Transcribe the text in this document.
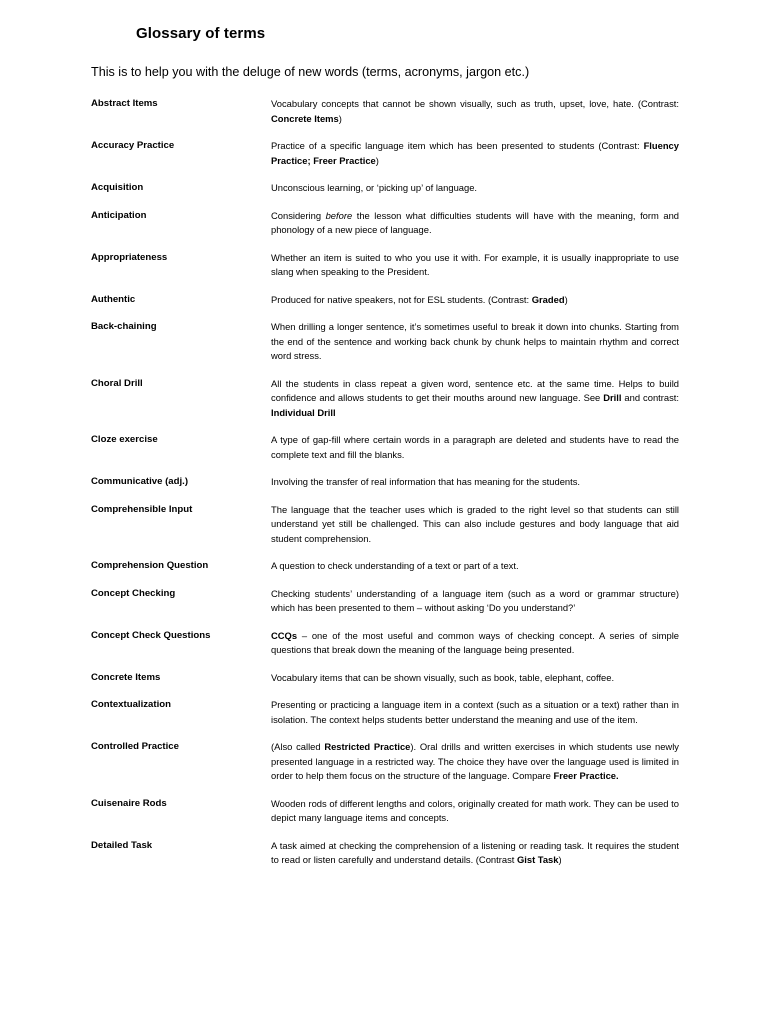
Glossary of terms
This is to help you with the deluge of new words (terms, acronyms, jargon etc.)
Abstract Items	Vocabulary concepts that cannot be shown visually, such as truth, upset, love, hate. (Contrast: Concrete Items)
Accuracy Practice	Practice of a specific language item which has been presented to students (Contrast: Fluency Practice; Freer Practice)
Acquisition	Unconscious learning, or ‘picking up’ of language.
Anticipation	Considering before the lesson what difficulties students will have with the meaning, form and phonology of a new piece of language.
Appropriateness	Whether an item is suited to who you use it with. For example, it is usually inappropriate to use slang when speaking to the President.
Authentic	Produced for native speakers, not for ESL students. (Contrast: Graded)
Back-chaining	When drilling a longer sentence, it’s sometimes useful to break it down into chunks. Starting from the end of the sentence and working back chunk by chunk helps to maintain rhythm and correct word stress.
Choral Drill	All the students in class repeat a given word, sentence etc. at the same time. Helps to build confidence and allows students to get their mouths around new language. See Drill and contrast: Individual Drill
Cloze exercise	A type of gap-fill where certain words in a paragraph are deleted and students have to read the complete text and fill the blanks.
Communicative (adj.)	Involving the transfer of real information that has meaning for the students.
Comprehensible Input	The language that the teacher uses which is graded to the right level so that students can still understand yet still be challenged. This can also include gestures and body language that aid student comprehension.
Comprehension Question	A question to check understanding of a text or part of a text.
Concept Checking	Checking students’ understanding of a language item (such as a word or grammar structure) which has been presented to them – without asking ‘Do you understand?’
Concept Check Questions	CCQs – one of the most useful and common ways of checking concept. A series of simple questions that break down the meaning of the language being presented.
Concrete Items	Vocabulary items that can be shown visually, such as book, table, elephant, coffee.
Contextualization	Presenting or practicing a language item in a context (such as a situation or a text) rather than in isolation. The context helps students better understand the meaning and use of the item.
Controlled Practice	(Also called Restricted Practice). Oral drills and written exercises in which students use newly presented language in a restricted way. The choice they have over the language used is limited in order to help them focus on the structure of the language. Compare Freer Practice.
Cuisenaire Rods	Wooden rods of different lengths and colors, originally created for math work. They can be used to depict many language items and concepts.
Detailed Task	A task aimed at checking the comprehension of a listening or reading task. It requires the student to read or listen carefully and understand details. (Contrast Gist Task)
